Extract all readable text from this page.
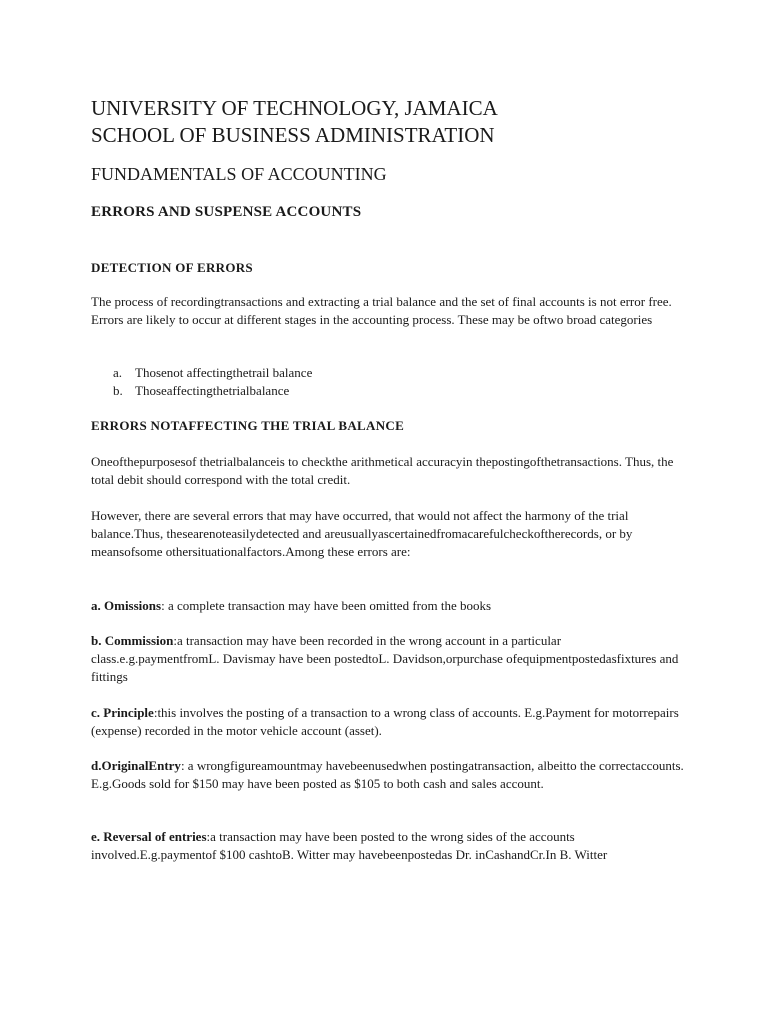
UNIVERSITY OF TECHNOLOGY, JAMAICA
SCHOOL OF BUSINESS ADMINISTRATION
FUNDAMENTALS OF ACCOUNTING
ERRORS AND SUSPENSE ACCOUNTS
DETECTION OF ERRORS

The process of recordingtransactions and extracting a trial balance and the set of final accounts is not error free. Errors are likely to occur at different stages in the accounting process. These may be oftwo broad categories

a. Thosenot affectingthetrail balance
b. Thoseaffectingthetrialbalance
ERRORS NOTAFFECTING THE TRIAL BALANCE

Oneofthepurposesof thetrialbalanceis to checkthe arithmetical accuracyin thepostingofthetransactions. Thus, the total debit should correspond with the total credit.

However, there are several errors that may have occurred, that would not affect the harmony of the trial balance.Thus, thesearenoteasilydetected and areusuallyascertainedfromacarefulcheckoftherecords, or by meansofsome othersituationalfactors.Among these errors are:

a. Omissions: a complete transaction may have been omitted from the books

b. Commission:a transaction may have been recorded in the wrong account in a particular class.e.g.paymentfromL. Davismay have been postedtoL. Davidson,orpurchase ofequipmentpostedasfixtures and fittings

c. Principle:this involves the posting of a transaction to a wrong class of accounts. E.g.Payment for motorrepairs (expense) recorded in the motor vehicle account (asset).

d.OriginalEntry: a wrongfigureamountmay havebeenusedwhen postingatransaction, albeitto the correctaccounts. E.g.Goods sold for $150 may have been posted as $105 to both cash and sales account.

e. Reversal of entries:a transaction may have been posted to the wrong sides of the accounts involved.E.g.paymentof $100 cashtoB. Witter may havebeenpostedas Dr. inCashandCr.In B. Witter
